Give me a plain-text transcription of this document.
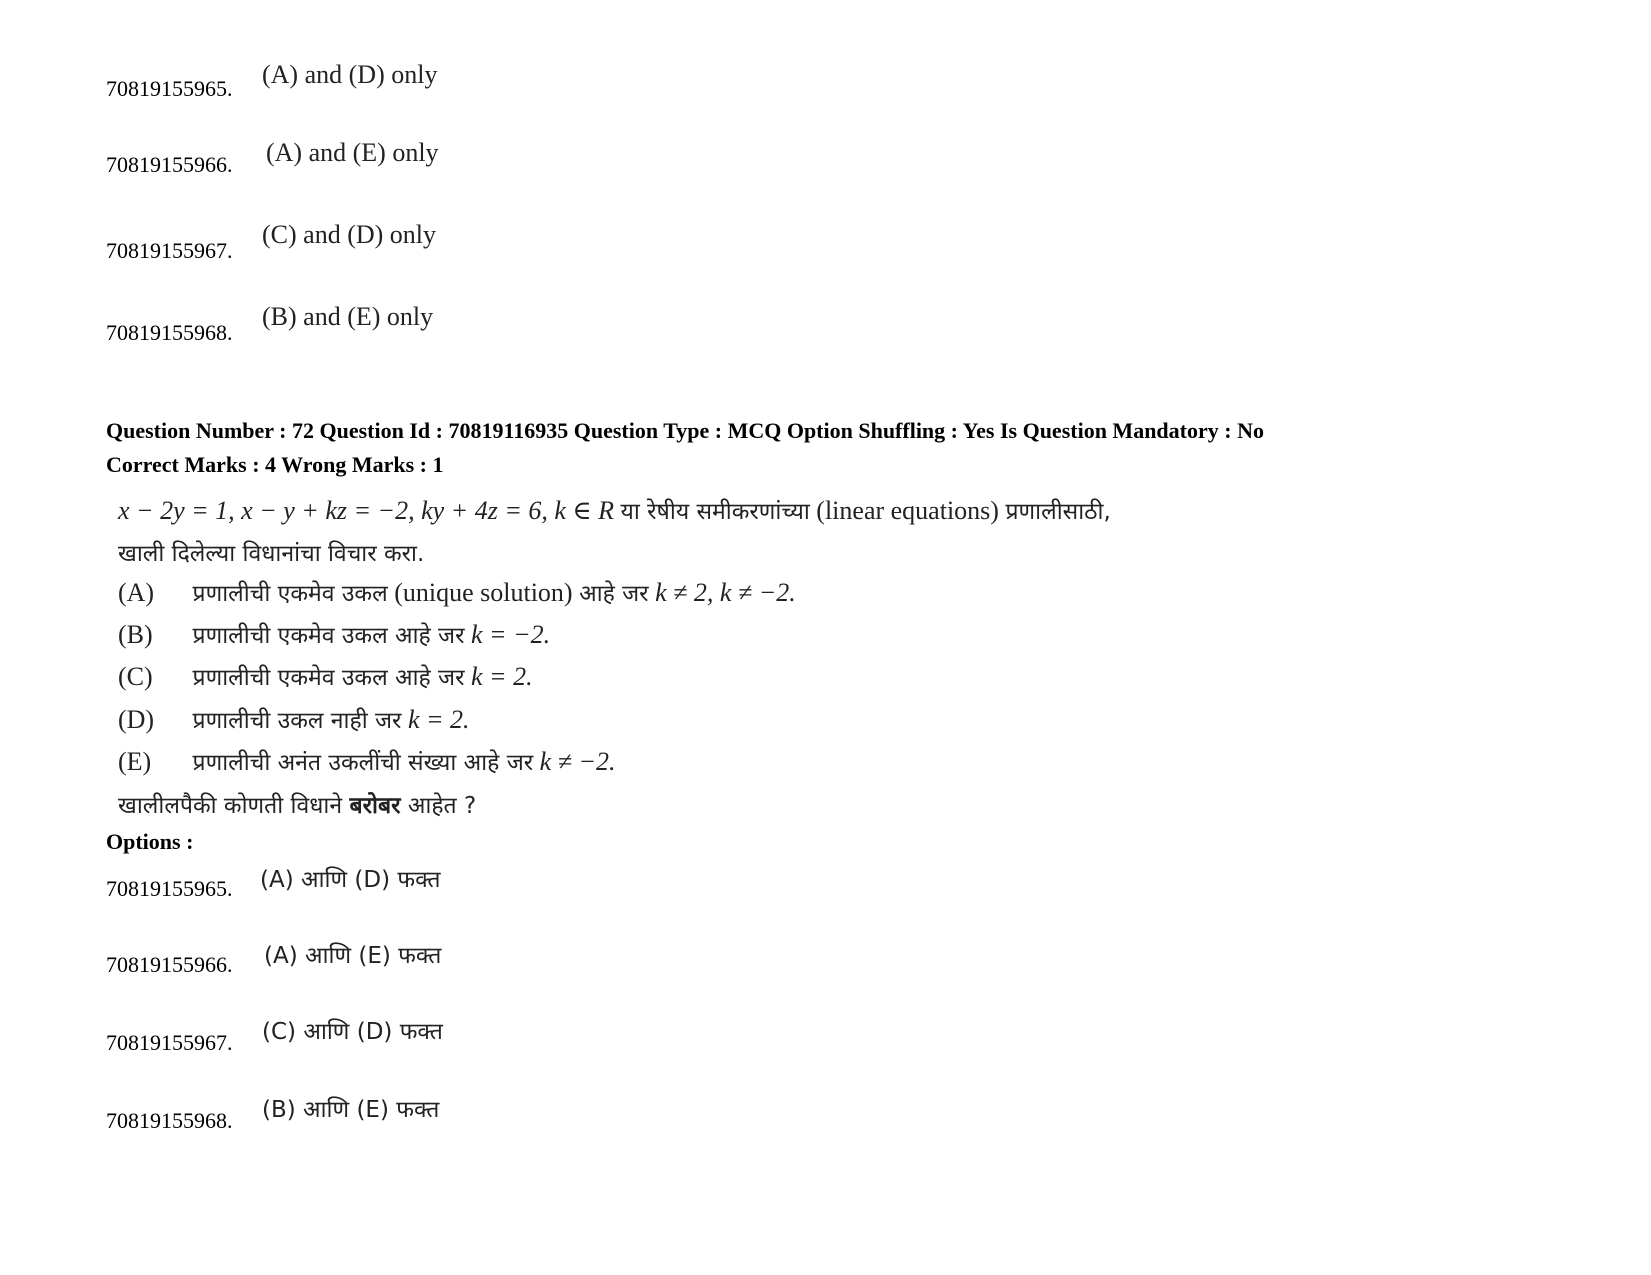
70819155965. (A) and (D) only
70819155966. (A) and (E) only
70819155967.
(C) and (D) only
70819155968.
(B) and (E) only
Question Number : 72 Question Id : 70819116935 Question Type : MCQ Option Shuffling : Yes Is Question Mandatory : No
Correct Marks : 4 Wrong Marks : 1
x − 2y = 1, x − y + kz = −2, ky + 4z = 6, k ∈ R या रेषीय समीकरणांच्या (linear equations) प्रणालीसाठी,
खाली दिलेल्या विधानांचा विचार करा.
(A) प्रणालीची एकमेव उकल (unique solution) आहे जर k ≠ 2, k ≠ −2.
(B) प्रणालीची एकमेव उकल आहे जर k = −2.
(C) प्रणालीची एकमेव उकल आहे जर k = 2.
(D) प्रणालीची उकल नाही जर k = 2.
(E) प्रणालीची अनंत उकलींची संख्या आहे जर k ≠ −2.
खालीलपैकी कोणती विधाने बरोबर आहेत ?
Options :
70819155965. (A) आणि (D) फक्त
70819155966. (A) आणि (E) फक्त
70819155967. (C) आणि (D) फक्त
70819155968. (B) आणि (E) फक्त
